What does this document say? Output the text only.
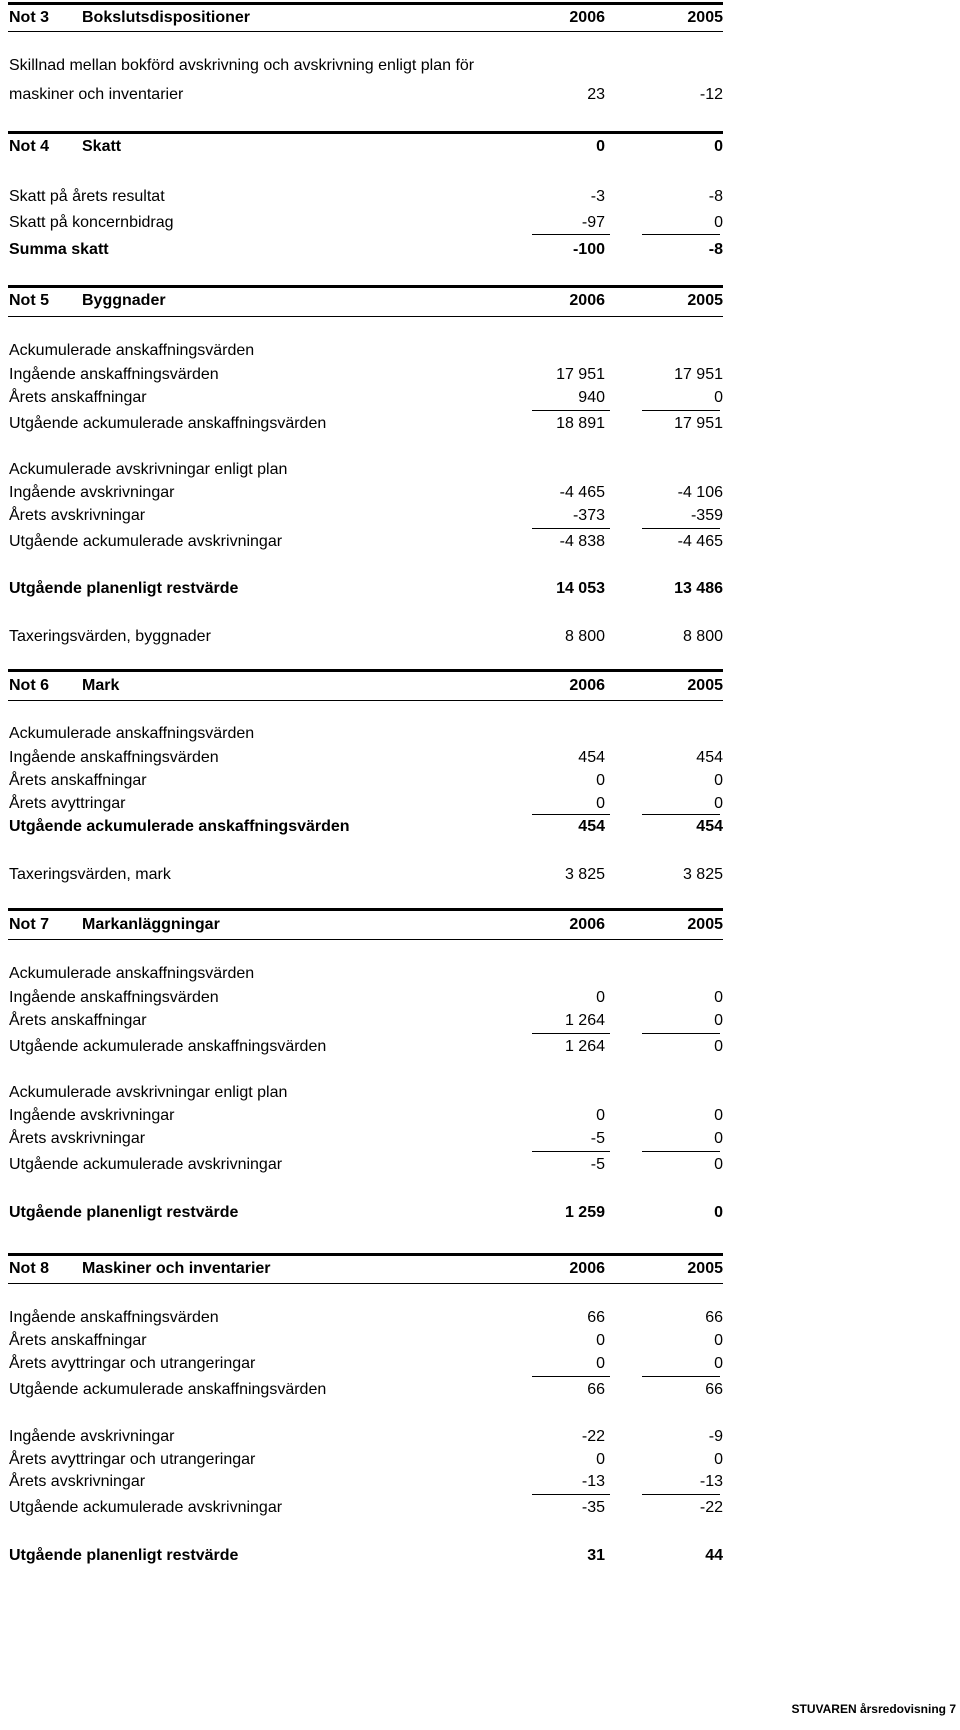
Not 3 Bokslutsdispositioner	2006	2005
Skillnad mellan bokförd avskrivning och avskrivning enligt plan för
maskiner och inventarier	23	-12
Not 4 Skatt	0	0
Skatt på årets resultat	-3	-8
Skatt på koncernbidrag	-97	0
Summa skatt	-100	-8
Not 5 Byggnader	2006	2005
Ackumulerade anskaffningsvärden
Ingående anskaffningsvärden	17 951	17 951
Årets anskaffningar	940	0
Utgående ackumulerade anskaffningsvärden	18 891	17 951
Ackumulerade avskrivningar enligt plan
Ingående avskrivningar	-4 465	-4 106
Årets avskrivningar	-373	-359
Utgående ackumulerade avskrivningar	-4 838	-4 465
Utgående planenligt restvärde	14 053	13 486
Taxeringsvärden, byggnader	8 800	8 800
Not 6 Mark	2006	2005
Ackumulerade anskaffningsvärden
Ingående anskaffningsvärden	454	454
Årets anskaffningar	0	0
Årets avyttringar	0	0
Utgående ackumulerade anskaffningsvärden	454	454
Taxeringsvärden, mark	3 825	3 825
Not 7 Markanläggningar	2006	2005
Ackumulerade anskaffningsvärden
Ingående anskaffningsvärden	0	0
Årets anskaffningar	1 264	0
Utgående ackumulerade anskaffningsvärden	1 264	0
Ackumulerade avskrivningar enligt plan
Ingående avskrivningar	0	0
Årets avskrivningar	-5	0
Utgående ackumulerade avskrivningar	-5	0
Utgående planenligt restvärde	1 259	0
Not 8 Maskiner och inventarier	2006	2005
Ingående anskaffningsvärden	66	66
Årets anskaffningar	0	0
Årets avyttringar och utrangeringar	0	0
Utgående ackumulerade anskaffningsvärden	66	66
Ingående avskrivningar	-22	-9
Årets avyttringar och utrangeringar	0	0
Årets avskrivningar	-13	-13
Utgående ackumulerade avskrivningar	-35	-22
Utgående planenligt restvärde	31	44
STUVAREN årsredovisning 7
